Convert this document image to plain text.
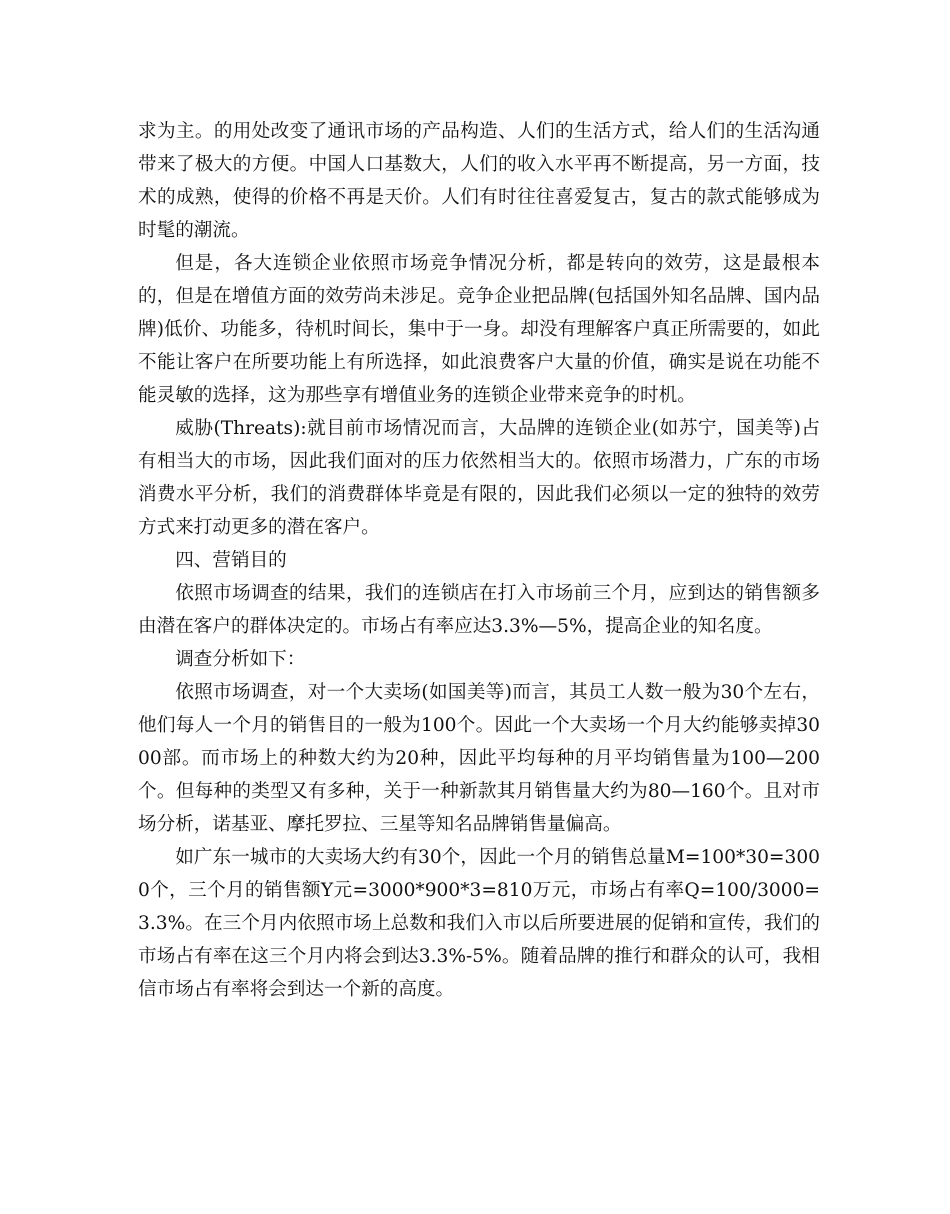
求为主。的用处改变了通讯市场的产品构造、人们的生活方式，给人们的生活沟通带来了极大的方便。中国人口基数大，人们的收入水平再不断提高，另一方面，技术的成熟，使得的价格不再是天价。人们有时往往喜爱复古，复古的款式能够成为时髦的潮流。

但是，各大连锁企业依照市场竞争情况分析，都是转向的效劳，这是最根本的，但是在增值方面的效劳尚未涉足。竞争企业把品牌(包括国外知名品牌、国内品牌)低价、功能多，待机时间长，集中于一身。却没有理解客户真正所需要的，如此不能让客户在所要功能上有所选择，如此浪费客户大量的价值，确实是说在功能不能灵敏的选择，这为那些享有增值业务的连锁企业带来竞争的时机。

威胁(Threats):就目前市场情况而言，大品牌的连锁企业(如苏宁，国美等)占有相当大的市场，因此我们面对的压力依然相当大的。依照市场潜力，广东的市场消费水平分析，我们的消费群体毕竟是有限的，因此我们必须以一定的独特的效劳方式来打动更多的潜在客户。

四、营销目的

依照市场调查的结果，我们的连锁店在打入市场前三个月，应到达的销售额多由潜在客户的群体决定的。市场占有率应达3.3%—5%，提高企业的知名度。

调查分析如下：

依照市场调查，对一个大卖场(如国美等)而言，其员工人数一般为30个左右，他们每人一个月的销售目的一般为100个。因此一个大卖场一个月大约能够卖掉3000部。而市场上的种数大约为20种，因此平均每种的月平均销售量为100—200个。但每种的类型又有多种，关于一种新款其月销售量大约为80—160个。且对市场分析，诺基亚、摩托罗拉、三星等知名品牌销售量偏高。

如广东一城市的大卖场大约有30个，因此一个月的销售总量M=100*30=3000个，三个月的销售额Y元=3000*900*3=810万元，市场占有率Q=100/3000=3.3%。在三个月内依照市场上总数和我们入市以后所要进展的促销和宣传，我们的市场占有率在这三个月内将会到达3.3%-5%。随着品牌的推行和群众的认可，我相信市场占有率将会到达一个新的高度。
